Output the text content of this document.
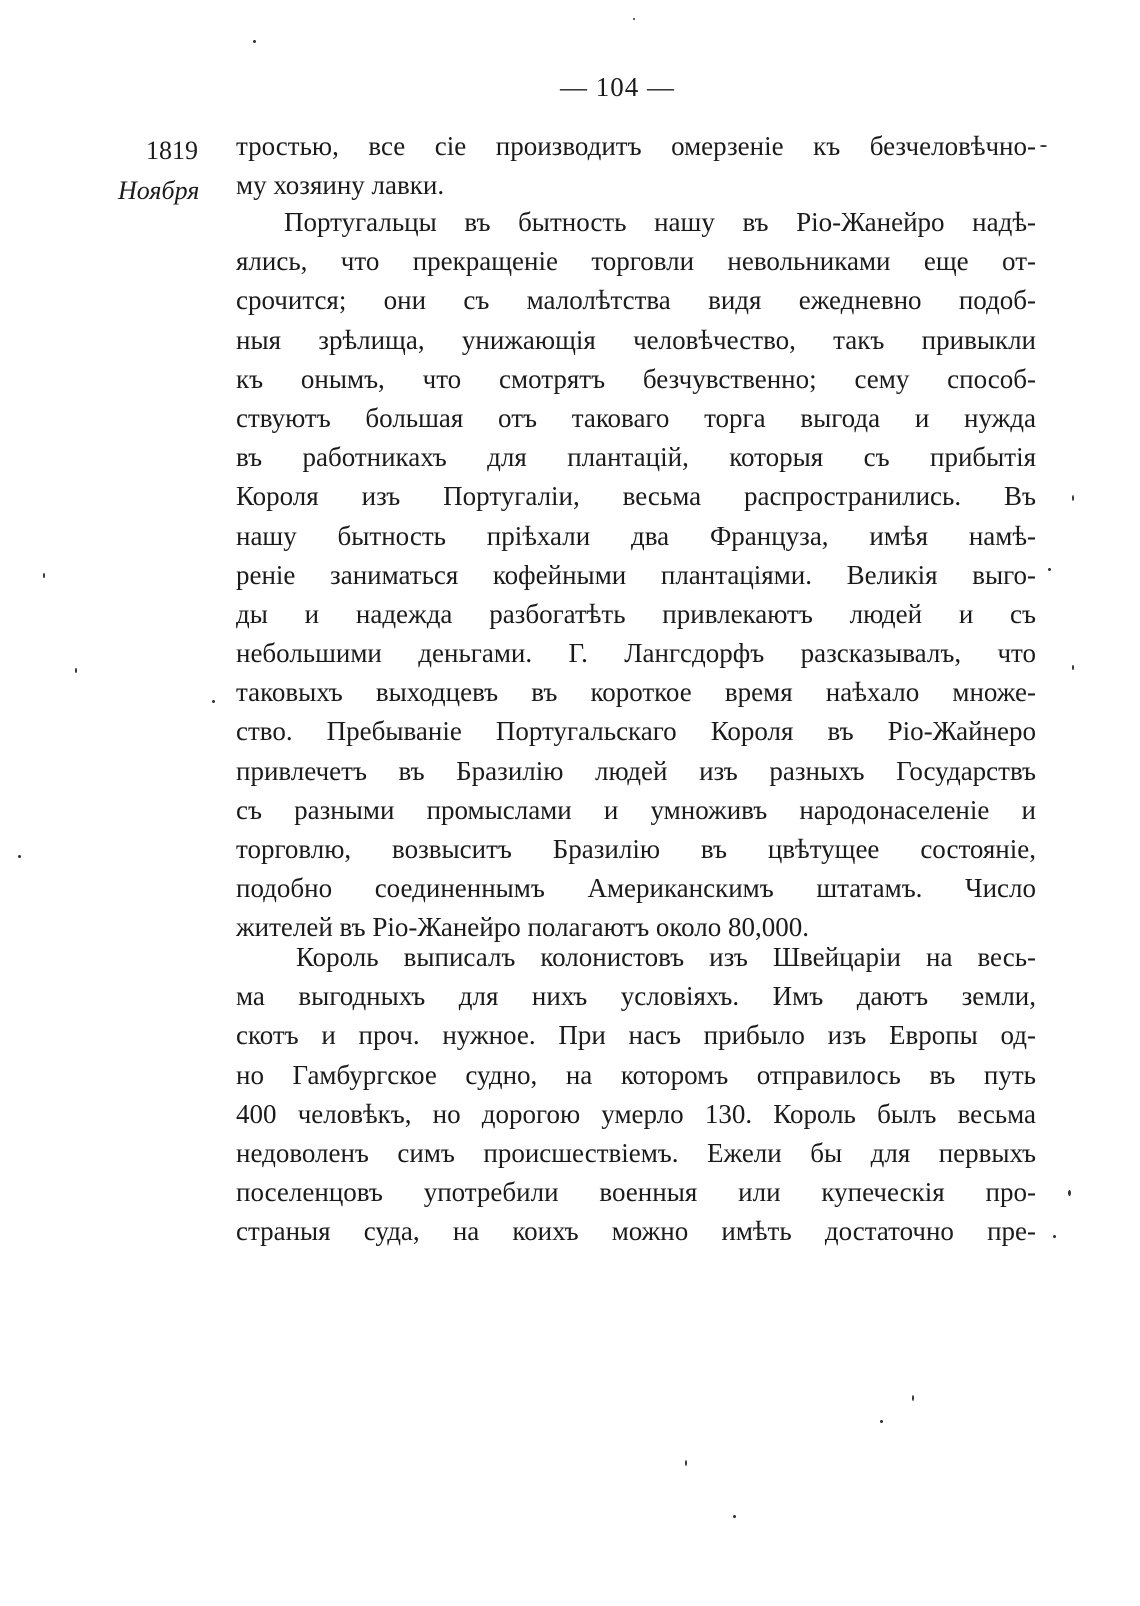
— 104 —
1819
Ноября
тростью, все сіе производитъ омерзеніе къ безчеловѣчно-
му хозяину лавки.
Португальцы въ бытность нашу въ Ріо-Жанейро надѣ-
ялись, что прекращеніе торговли невольниками еще от-
срочится; они съ малолѣтства видя ежедневно подоб-
ныя зрѣлища, унижающія человѣчество, такъ привыкли
къ онымъ, что смотрятъ безчувственно; сему способ-
ствуютъ большая отъ таковаго торга выгода и нужда
въ работникахъ для плантацій, которыя съ прибытія
Короля изъ Португаліи, весьма распространились. Въ
нашу бытность пріѣхали два Француза, имѣя намѣ-
реніе заниматься кофейными плантаціями. Великія выго-
ды и надежда разбогатѣть привлекаютъ людей и съ
небольшими деньгами. Г. Лангсдорфъ разсказывалъ, что
таковыхъ выходцевъ въ короткое время наѣхало множе-
ство. Пребываніе Португальскаго Короля въ Ріо-Жайнеро
привлечетъ въ Бразилію людей изъ разныхъ Государствъ
съ разными промыслами и умноживъ народонаселеніе и
торговлю, возвыситъ Бразилію въ цвѣтущее состояніе,
подобно соединеннымъ Американскимъ штатамъ. Число
жителей въ Ріо-Жанейро полагаютъ около 80,000.
Король выписалъ колонистовъ изъ Швейцаріи на весь-
ма выгодныхъ для нихъ условіяхъ. Имъ даютъ земли,
скотъ и проч. нужное. При насъ прибыло изъ Европы од-
но Гамбургское судно, на которомъ отправилось въ путь
400 человѣкъ, но дорогою умерло 130. Король былъ весьма
недоволенъ симъ происшествіемъ. Ежели бы для первыхъ
поселенцовъ употребили военныя или купеческія про-
страныя суда, на коихъ можно имѣть достаточно пре-
